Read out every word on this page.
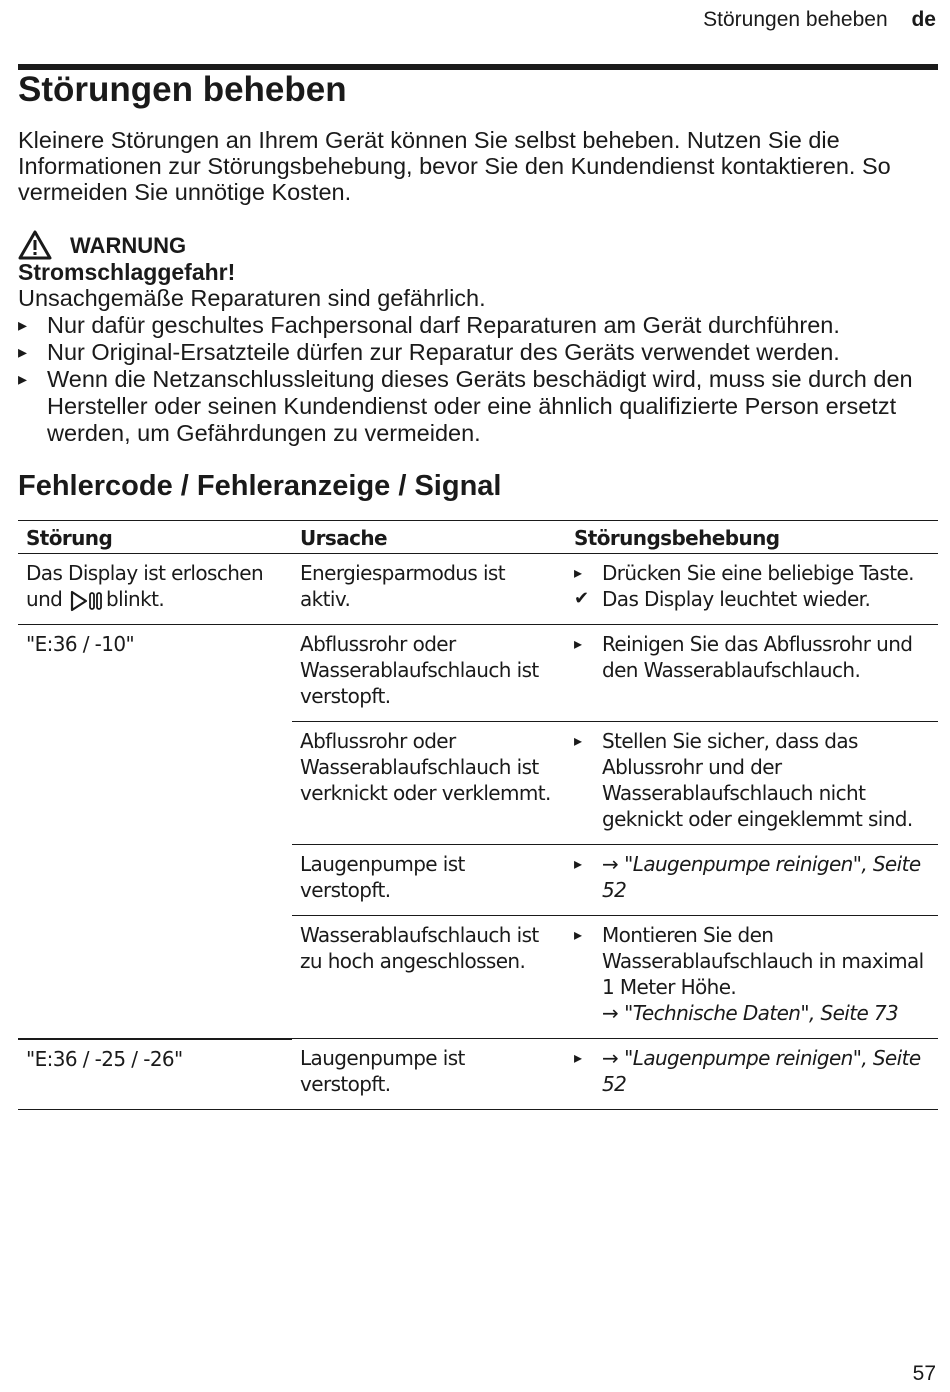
Störungen beheben de
Störungen beheben

Kleinere Störungen an Ihrem Gerät können Sie selbst beheben. Nutzen Sie die Informationen zur Störungsbehebung, bevor Sie den Kundendienst kontaktieren. So vermeiden Sie unnötige Kosten.

WARNUNG
Stromschlaggefahr!
Unsachgemäße Reparaturen sind gefährlich.
▸ Nur dafür geschultes Fachpersonal darf Reparaturen am Gerät durchführen.
▸ Nur Original-Ersatzteile dürfen zur Reparatur des Geräts verwendet werden.
▸ Wenn die Netzanschlussleitung dieses Geräts beschädigt wird, muss sie durch den Hersteller oder seinen Kundendienst oder eine ähnlich qualifizierte Person ersetzt werden, um Gefährdungen zu vermeiden.
Fehlercode / Fehleranzeige / Signal
Störung	Ursache	Störungsbehebung
Das Display ist erloschen und blinkt.	Energiesparmodus ist aktiv.	▸ Drücken Sie eine beliebige Taste.
✔ Das Display leuchtet wieder.

"E:36 / -10"	Abflussrohr oder Wasserablaufschlauch ist verstopft.	▸ Reinigen Sie das Abflussrohr und den Wasserablaufschlauch.

	Abflussrohr oder Wasserablaufschlauch ist verknickt oder verklemmt.	▸ Stellen Sie sicher, dass das Ablussrohr und der Wasserablaufschlauch nicht geknickt oder eingeklemmt sind.

	Laugenpumpe ist verstopft.	▸ → "Laugenpumpe reinigen", Seite 52

	Wasserablaufschlauch ist zu hoch angeschlossen.	▸ Montieren Sie den Wasserablaufschlauch in maximal 1 Meter Höhe.
→ "Technische Daten", Seite 73

"E:36 / -25 / -26"	Laugenpumpe ist verstopft.	▸ → "Laugenpumpe reinigen", Seite 52
57
